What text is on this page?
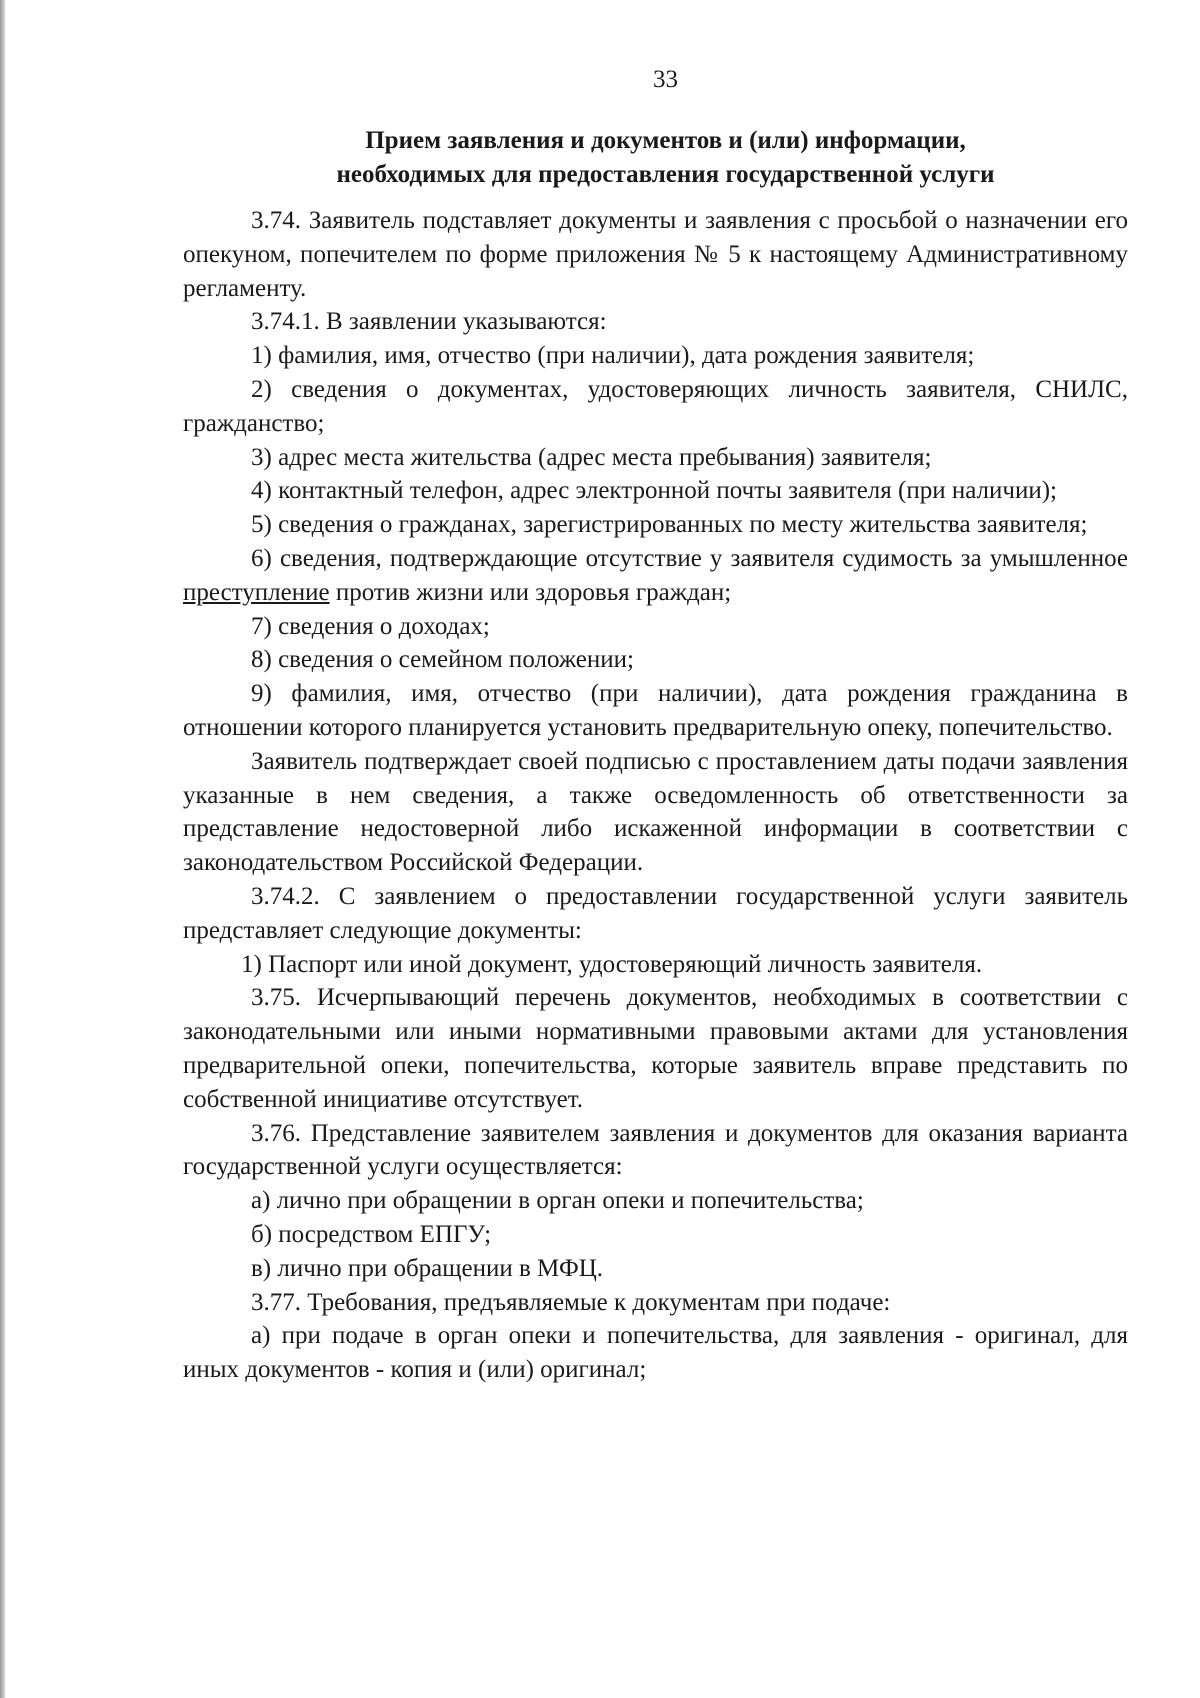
33
Прием заявления и документов и (или) информации,
необходимых для предоставления государственной услуги

3.74. Заявитель подставляет документы и заявления с просьбой о назначении его опекуном, попечителем по форме приложения № 5 к настоящему Административному регламенту.

3.74.1. В заявлении указываются:

1) фамилия, имя, отчество (при наличии), дата рождения заявителя;

2) сведения о документах, удостоверяющих личность заявителя, СНИЛС, гражданство;

3) адрес места жительства (адрес места пребывания) заявителя;

4) контактный телефон, адрес электронной почты заявителя (при наличии);

5) сведения о гражданах, зарегистрированных по месту жительства заявителя;

6) сведения, подтверждающие отсутствие у заявителя судимость за умышленное преступление против жизни или здоровья граждан;

7) сведения о доходах;

8) сведения о семейном положении;

9) фамилия, имя, отчество (при наличии), дата рождения гражданина в отношении которого планируется установить предварительную опеку, попечительство.

Заявитель подтверждает своей подписью с проставлением даты подачи заявления указанные в нем сведения, а также осведомленность об ответственности за представление недостоверной либо искаженной информации в соответствии с законодательством Российской Федерации.

3.74.2. С заявлением о предоставлении государственной услуги заявитель представляет следующие документы:

1) Паспорт или иной документ, удостоверяющий личность заявителя.

3.75. Исчерпывающий перечень документов, необходимых в соответствии с законодательными или иными нормативными правовыми актами для установления предварительной опеки, попечительства, которые заявитель вправе представить по собственной инициативе отсутствует.

3.76. Представление заявителем заявления и документов для оказания варианта государственной услуги осуществляется:

а) лично при обращении в орган опеки и попечительства;

б) посредством ЕПГУ;

в) лично при обращении в МФЦ.

3.77. Требования, предъявляемые к документам при подаче:

а) при подаче в орган опеки и попечительства, для заявления - оригинал, для иных документов - копия и (или) оригинал;
